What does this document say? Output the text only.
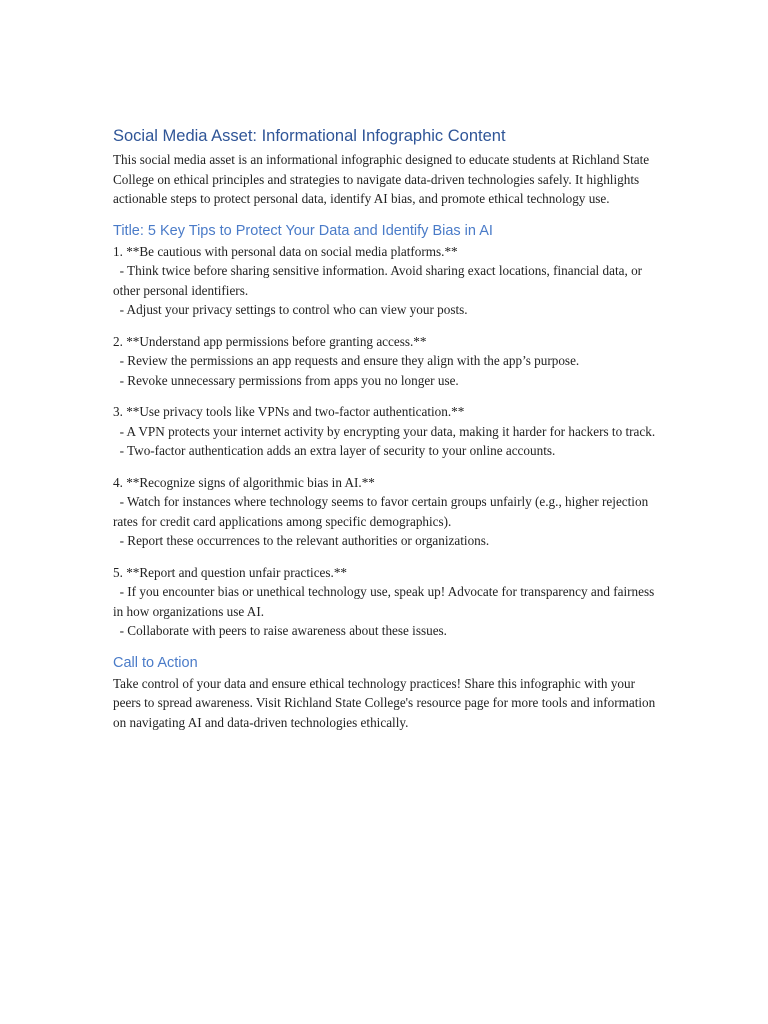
Social Media Asset: Informational Infographic Content

This social media asset is an informational infographic designed to educate students at Richland State College on ethical principles and strategies to navigate data-driven technologies safely. It highlights actionable steps to protect personal data, identify AI bias, and promote ethical technology use.

Title: 5 Key Tips to Protect Your Data and Identify Bias in AI
1. **Be cautious with personal data on social media platforms.**
- Think twice before sharing sensitive information. Avoid sharing exact locations, financial data, or other personal identifiers.
- Adjust your privacy settings to control who can view your posts.
2. **Understand app permissions before granting access.**
- Review the permissions an app requests and ensure they align with the app’s purpose.
- Revoke unnecessary permissions from apps you no longer use.
3. **Use privacy tools like VPNs and two-factor authentication.**
- A VPN protects your internet activity by encrypting your data, making it harder for hackers to track.
- Two-factor authentication adds an extra layer of security to your online accounts.
4. **Recognize signs of algorithmic bias in AI.**
- Watch for instances where technology seems to favor certain groups unfairly (e.g., higher rejection rates for credit card applications among specific demographics).
- Report these occurrences to the relevant authorities or organizations.
5. **Report and question unfair practices.**
- If you encounter bias or unethical technology use, speak up! Advocate for transparency and fairness in how organizations use AI.
- Collaborate with peers to raise awareness about these issues.
Call to Action

Take control of your data and ensure ethical technology practices! Share this infographic with your peers to spread awareness. Visit Richland State College's resource page for more tools and information on navigating AI and data-driven technologies ethically.
